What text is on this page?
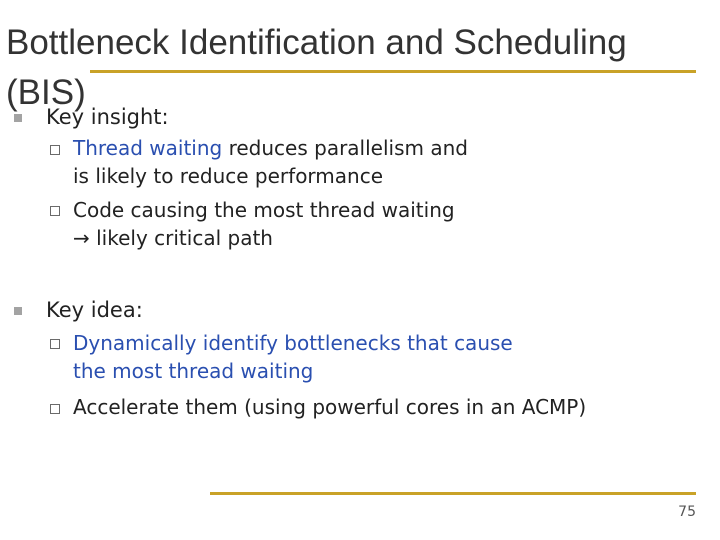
Bottleneck Identification and Scheduling (BIS)
Key insight:
Thread waiting reduces parallelism and
is likely to reduce performance
Code causing the most thread waiting
→ likely critical path
Key idea:
Dynamically identify bottlenecks that cause
the most thread waiting
Accelerate them (using powerful cores in an ACMP)
75
